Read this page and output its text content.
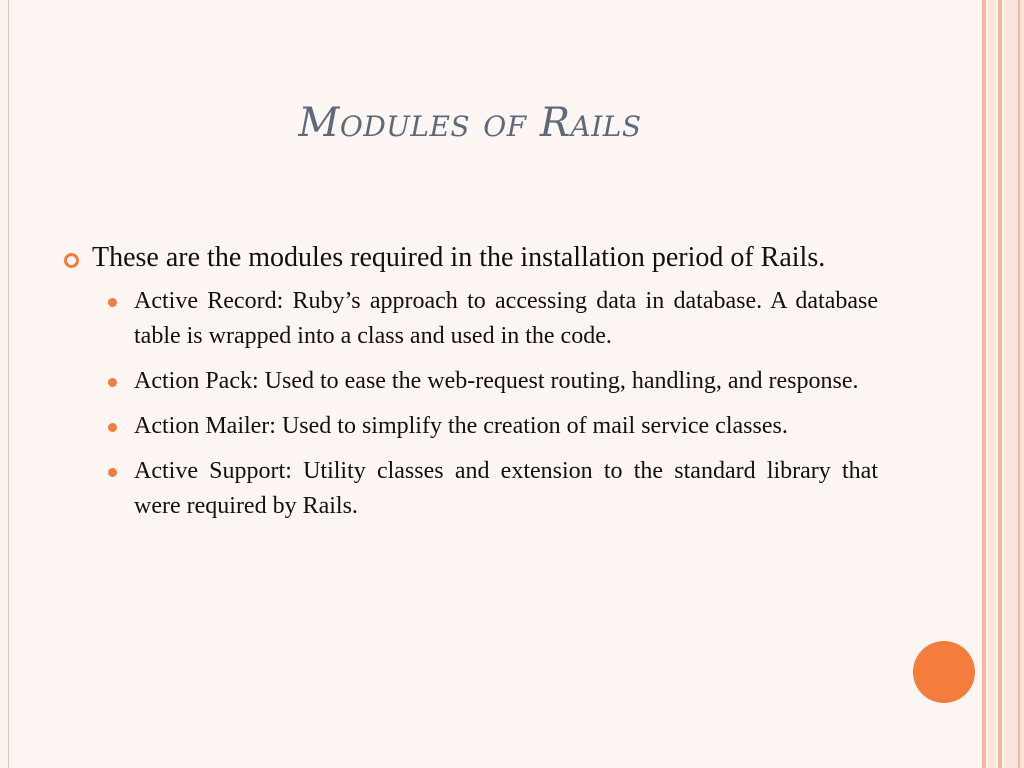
Modules of Rails
These are the modules required in the installation period of Rails.
Active Record: Ruby’s approach to accessing data in database. A database table is wrapped into a class and used in the code.
Action Pack: Used to ease the web-request routing, handling, and response.
Action Mailer: Used to simplify the creation of mail service classes.
Active Support: Utility classes and extension to the standard library that were required by Rails.
